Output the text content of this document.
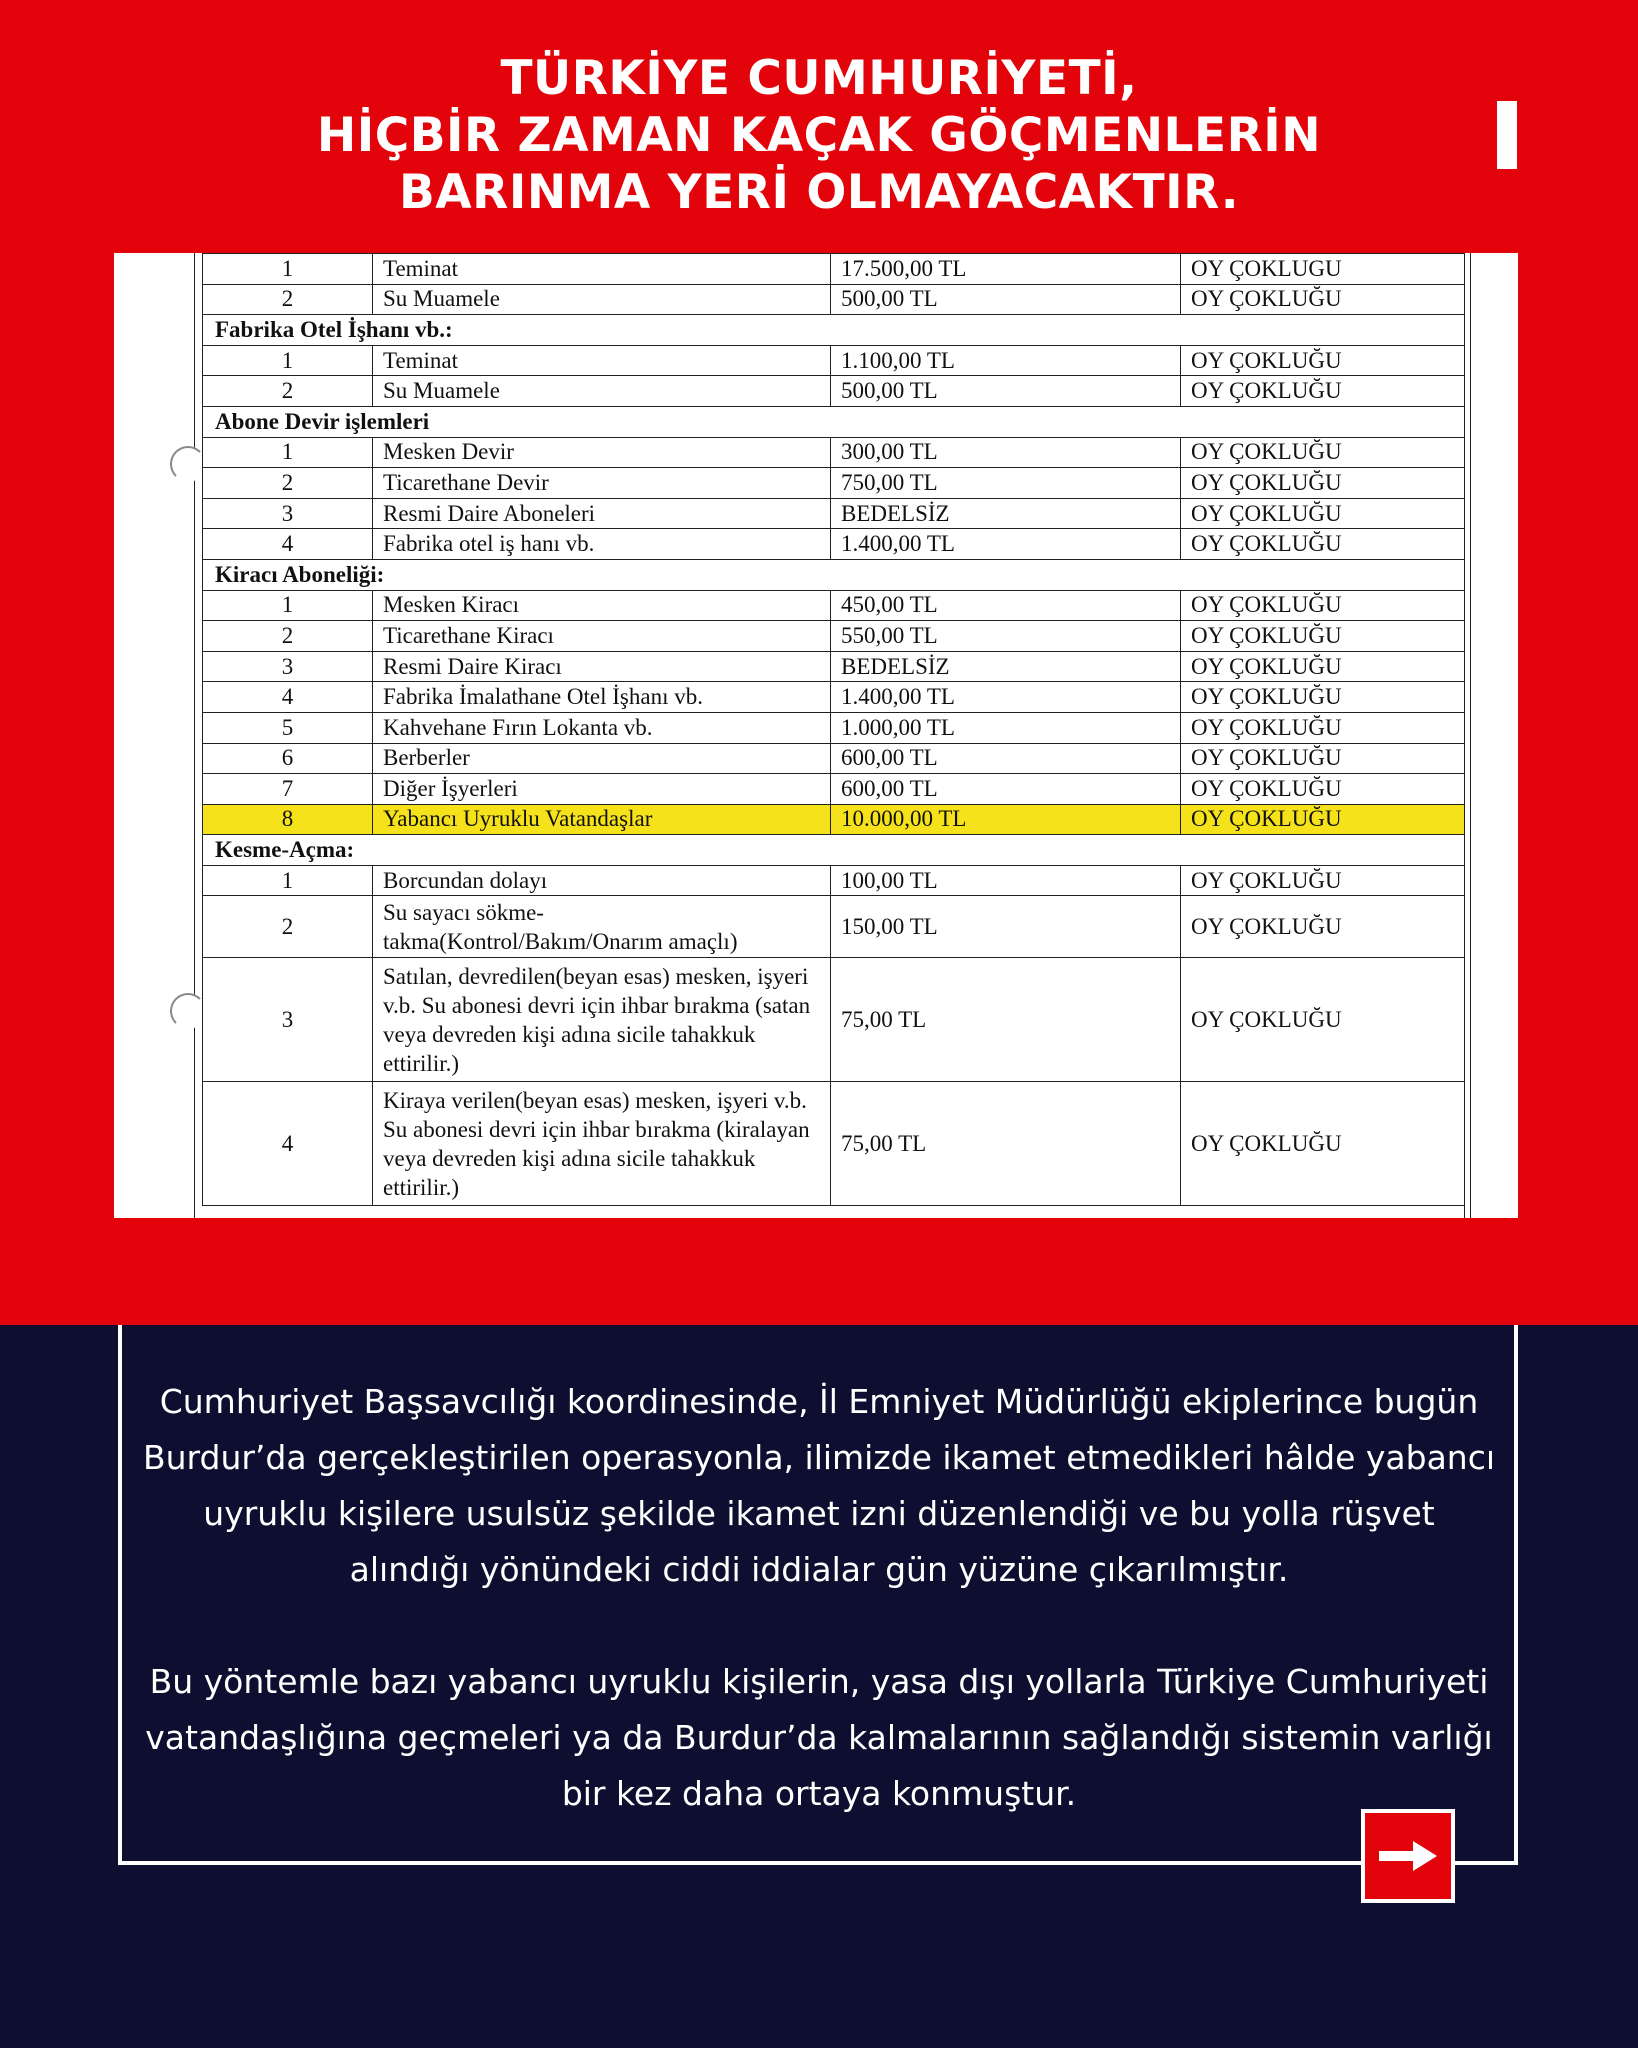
TÜRKİYE CUMHURİYETİ,
HİÇBİR ZAMAN KAÇAK GÖÇMENLERİN
BARINMA YERİ OLMAYACAKTIR.
1	Teminat	17.500,00 TL	OY ÇOKLUGU
2	Su Muamele	500,00 TL	OY ÇOKLUĞU
Fabrika Otel İşhanı vb.:			
1	Teminat	1.100,00 TL	OY ÇOKLUĞU
2	Su Muamele	500,00 TL	OY ÇOKLUĞU
Abone Devir işlemleri			
1	Mesken Devir	300,00 TL	OY ÇOKLUĞU
2	Ticarethane Devir	750,00 TL	OY ÇOKLUĞU
3	Resmi Daire Aboneleri	BEDELSİZ	OY ÇOKLUĞU
4	Fabrika otel iş hanı vb.	1.400,00 TL	OY ÇOKLUĞU
Kiracı Aboneliği:			
1	Mesken Kiracı	450,00 TL	OY ÇOKLUĞU
2	Ticarethane Kiracı	550,00 TL	OY ÇOKLUĞU
3	Resmi Daire Kiracı	BEDELSİZ	OY ÇOKLUĞU
4	Fabrika İmalathane Otel İşhanı vb.	1.400,00 TL	OY ÇOKLUĞU
5	Kahvehane Fırın Lokanta vb.	1.000,00 TL	OY ÇOKLUĞU
6	Berberler	600,00 TL	OY ÇOKLUĞU
7	Diğer İşyerleri	600,00 TL	OY ÇOKLUĞU
8	Yabancı Uyruklu Vatandaşlar	10.000,00 TL	OY ÇOKLUĞU
Kesme-Açma:			
1	Borcundan dolayı	100,00 TL	OY ÇOKLUĞU
2	Su sayacı sökme-takma(Kontrol/Bakım/Onarım amaçlı)	150,00 TL	OY ÇOKLUĞU
3	Satılan, devredilen(beyan esas) mesken, işyeri v.b. Su abonesi devri için ihbar bırakma (satan veya devreden kişi adına sicile tahakkuk ettirilir.)	75,00 TL	OY ÇOKLUĞU
4	Kiraya verilen(beyan esas) mesken, işyeri v.b. Su abonesi devri için ihbar bırakma (kiralayan veya devreden kişi adına sicile tahakkuk ettirilir.)	75,00 TL	OY ÇOKLUĞU

Cumhuriyet Başsavcılığı koordinesinde, İl Emniyet Müdürlüğü ekiplerince bugün Burdur’da gerçekleştirilen operasyonla, ilimizde ikamet etmedikleri hâlde yabancı uyruklu kişilere usulsüz şekilde ikamet izni düzenlendiği ve bu yolla rüşvet alındığı yönündeki ciddi iddialar gün yüzüne çıkarılmıştır.

Bu yöntemle bazı yabancı uyruklu kişilerin, yasa dışı yollarla Türkiye Cumhuriyeti vatandaşlığına geçmeleri ya da Burdur’da kalmalarının sağlandığı sistemin varlığı bir kez daha ortaya konmuştur.
